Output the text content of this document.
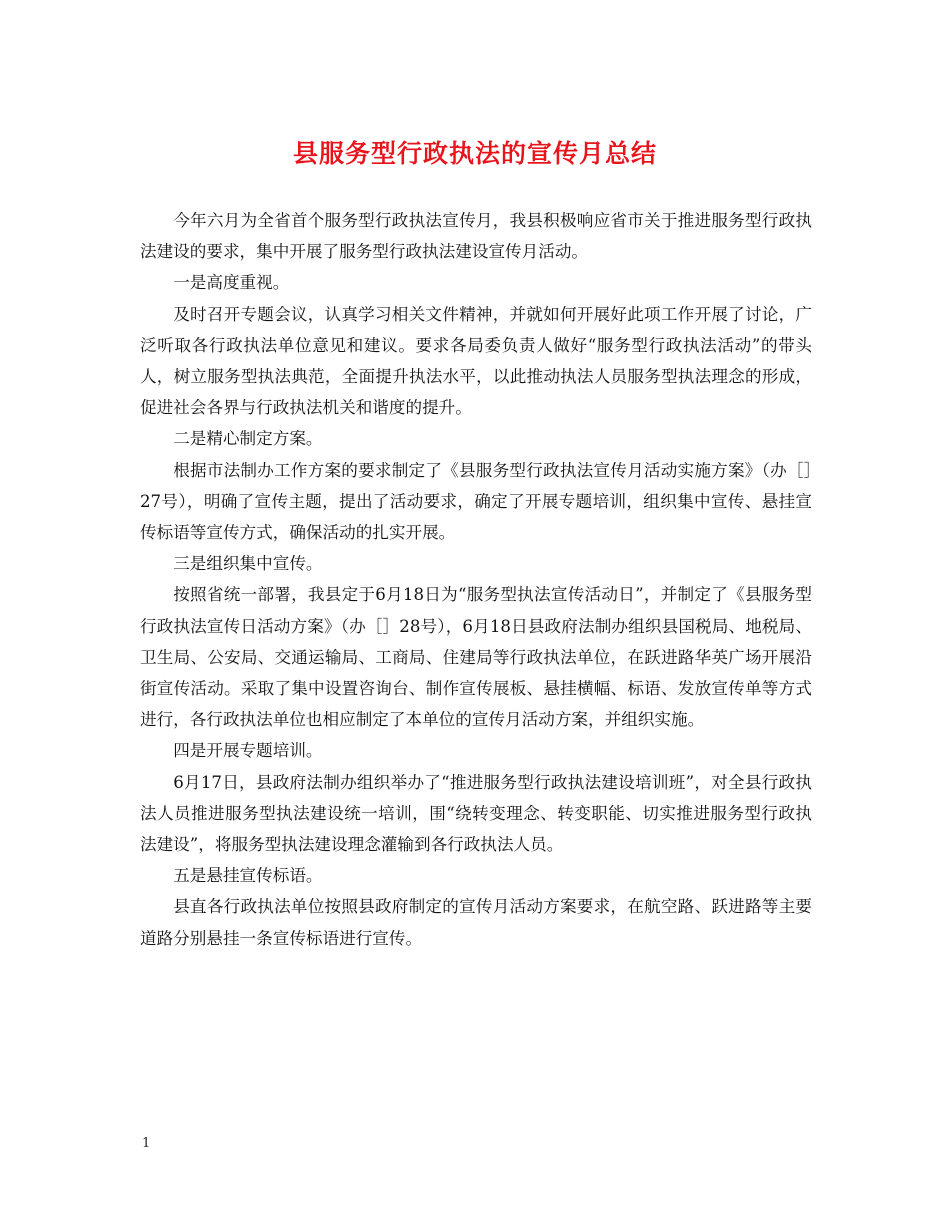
县服务型行政执法的宣传月总结

今年六月为全省首个服务型行政执法宣传月，我县积极响应省市关于推进服务型行政执法建设的要求，集中开展了服务型行政执法建设宣传月活动。

一是高度重视。

及时召开专题会议，认真学习相关文件精神，并就如何开展好此项工作开展了讨论，广泛听取各行政执法单位意见和建议。要求各局委负责人做好“服务型行政执法活动”的带头人，树立服务型执法典范，全面提升执法水平，以此推动执法人员服务型执法理念的形成，促进社会各界与行政执法机关和谐度的提升。

二是精心制定方案。

根据市法制办工作方案的要求制定了《县服务型行政执法宣传月活动实施方案》（办［］27号），明确了宣传主题，提出了活动要求，确定了开展专题培训，组织集中宣传、悬挂宣传标语等宣传方式，确保活动的扎实开展。

三是组织集中宣传。

按照省统一部署，我县定于6月18日为“服务型执法宣传活动日”，并制定了《县服务型行政执法宣传日活动方案》（办［］28号），6月18日县政府法制办组织县国税局、地税局、卫生局、公安局、交通运输局、工商局、住建局等行政执法单位，在跃进路华英广场开展沿街宣传活动。采取了集中设置咨询台、制作宣传展板、悬挂横幅、标语、发放宣传单等方式进行，各行政执法单位也相应制定了本单位的宣传月活动方案，并组织实施。

四是开展专题培训。

6月17日，县政府法制办组织举办了“推进服务型行政执法建设培训班”，对全县行政执法人员推进服务型执法建设统一培训，围“绕转变理念、转变职能、切实推进服务型行政执法建设”，将服务型执法建设理念灌输到各行政执法人员。

五是悬挂宣传标语。

县直各行政执法单位按照县政府制定的宣传月活动方案要求，在航空路、跃进路等主要道路分别悬挂一条宣传标语进行宣传。

1
